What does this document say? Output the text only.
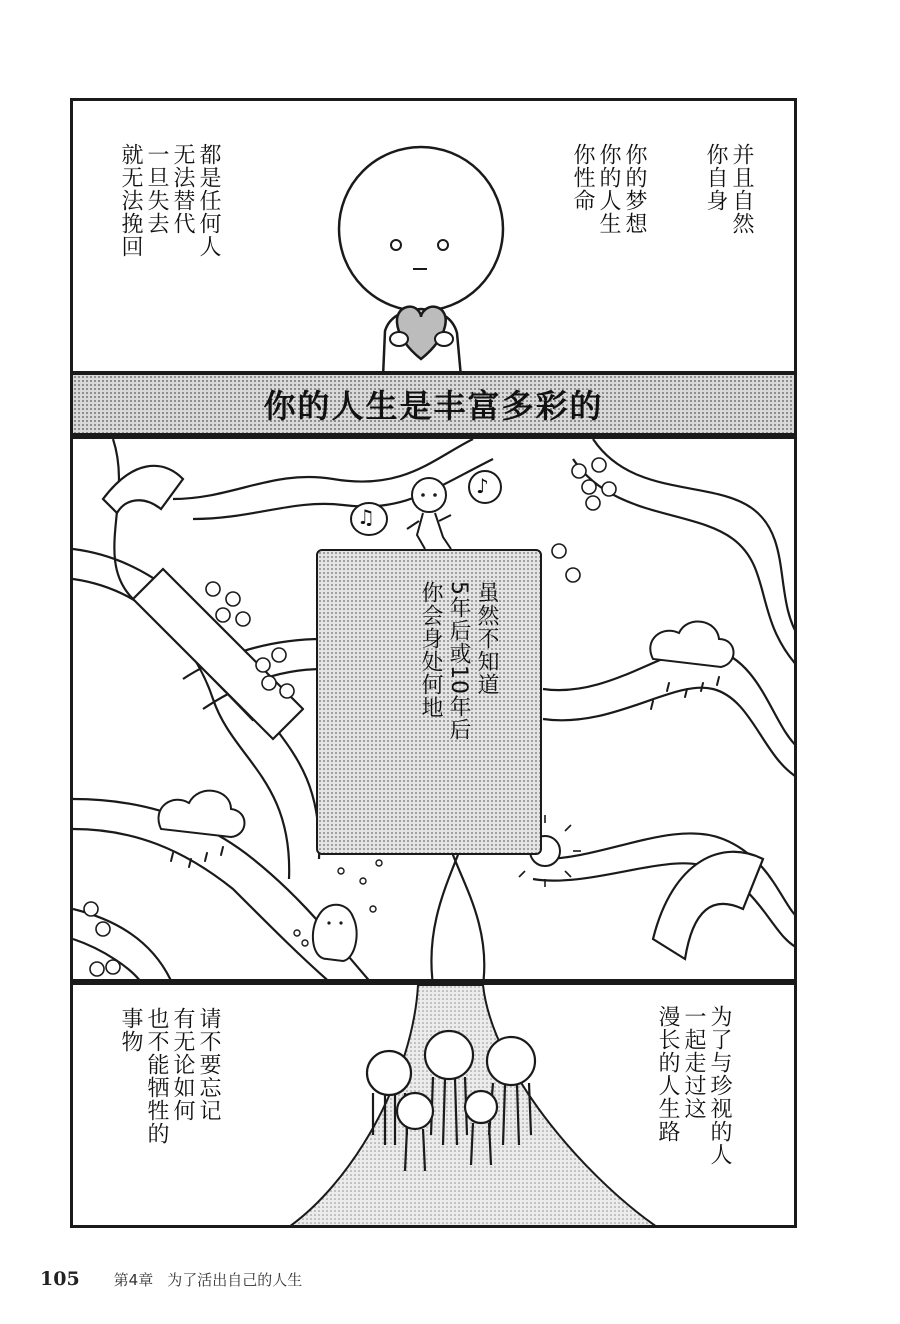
并且自然
你自身
你的梦想
你的人生
你性命
都是任何人
无法替代
一旦失去
就无法挽回
你的人生是丰富多彩的
♫
♪
虽然不知道
5年后或10年后
你会身处何地
为了与珍视的人
一起走过这
漫长的人生路
请不要忘记
有无论如何
也不能牺牲的
事物
105 第4章 为了活出自己的人生
